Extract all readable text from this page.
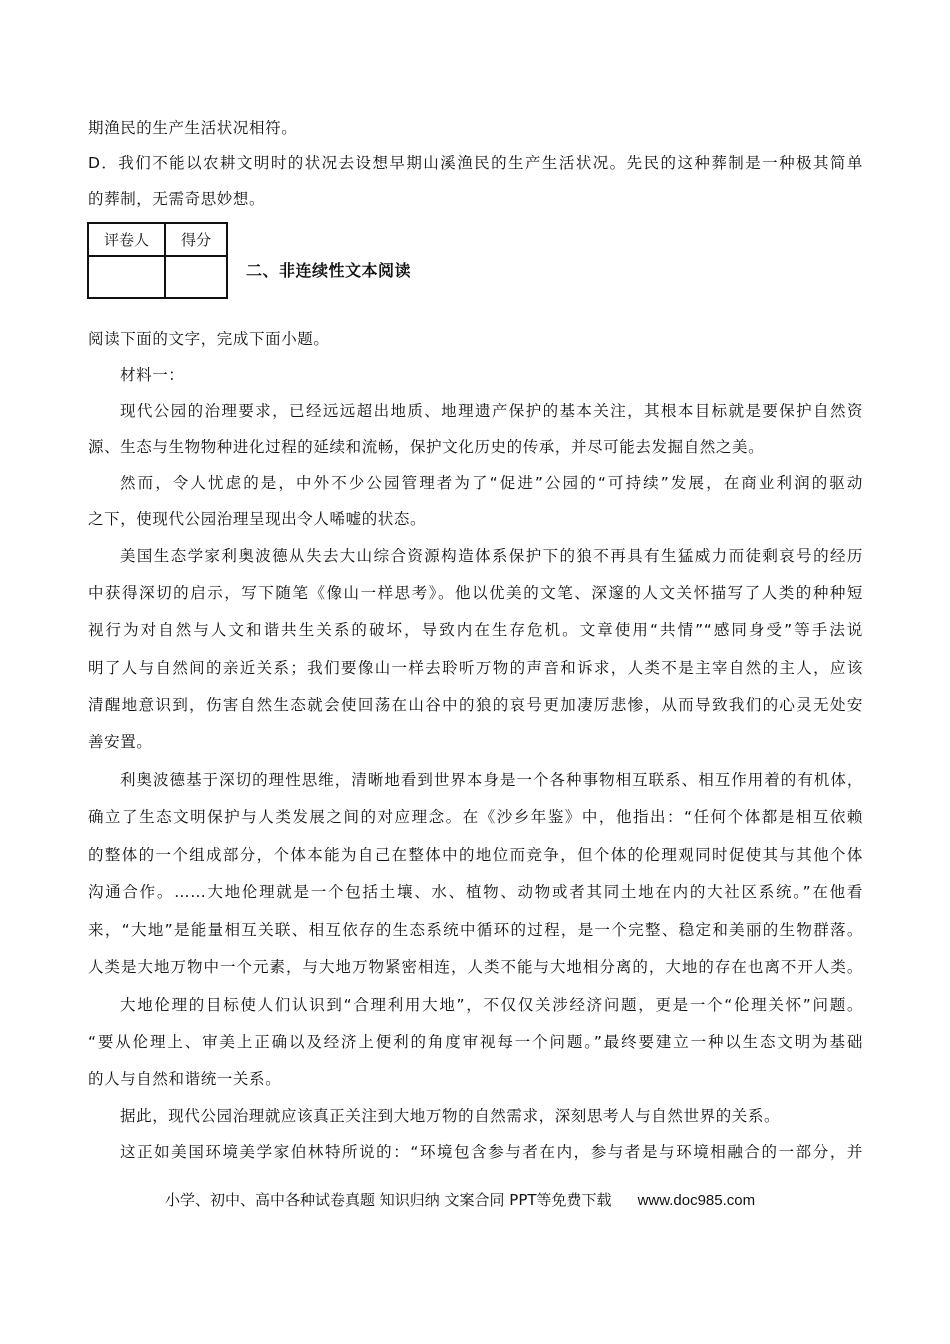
期渔民的生产生活状况相符。
D．我们不能以农耕文明时的状况去设想早期山溪渔民的生产生活状况。先民的这种葬制是一种极其简单
的葬制，无需奇思妙想。
评卷人	得分

二、非连续性文本阅读
阅读下面的文字，完成下面小题。
材料一：
现代公园的治理要求，已经远远超出地质、地理遗产保护的基本关注，其根本目标就是要保护自然资
源、生态与生物物种进化过程的延续和流畅，保护文化历史的传承，并尽可能去发掘自然之美。
然而，令人忧虑的是，中外不少公园管理者为了“促进”公园的“可持续”发展，在商业利润的驱动
之下，使现代公园治理呈现出令人唏嘘的状态。
美国生态学家利奥波德从失去大山综合资源构造体系保护下的狼不再具有生猛威力而徒剩哀号的经历
中获得深切的启示，写下随笔《像山一样思考》。他以优美的文笔、深邃的人文关怀描写了人类的种种短
视行为对自然与人文和谐共生关系的破坏，导致内在生存危机。文章使用“共情”“感同身受”等手法说
明了人与自然间的亲近关系；我们要像山一样去聆听万物的声音和诉求，人类不是主宰自然的主人，应该
清醒地意识到，伤害自然生态就会使回荡在山谷中的狼的哀号更加凄厉悲惨，从而导致我们的心灵无处安
善安置。
利奥波德基于深切的理性思维，清晰地看到世界本身是一个各种事物相互联系、相互作用着的有机体，
确立了生态文明保护与人类发展之间的对应理念。在《沙乡年鉴》中，他指出：“任何个体都是相互依赖
的整体的一个组成部分，个体本能为自己在整体中的地位而竞争，但个体的伦理观同时促使其与其他个体
沟通合作。……大地伦理就是一个包括土壤、水、植物、动物或者其同土地在内的大社区系统。”在他看
来，“大地”是能量相互关联、相互依存的生态系统中循环的过程，是一个完整、稳定和美丽的生物群落。
人类是大地万物中一个元素，与大地万物紧密相连，人类不能与大地相分离的，大地的存在也离不开人类。
大地伦理的目标使人们认识到“合理利用大地”，不仅仅关涉经济问题，更是一个“伦理关怀”问题。
“要从伦理上、审美上正确以及经济上便利的角度审视每一个问题。”最终要建立一种以生态文明为基础
的人与自然和谐统一关系。
据此，现代公园治理就应该真正关注到大地万物的自然需求，深刻思考人与自然世界的关系。
这正如美国环境美学家伯林特所说的：“环境包含参与者在内，参与者是与环境相融合的一部分，并
小学、初中、高中各种试卷真题 知识归纳 文案合同 PPT等免费下载 www.doc985.com
